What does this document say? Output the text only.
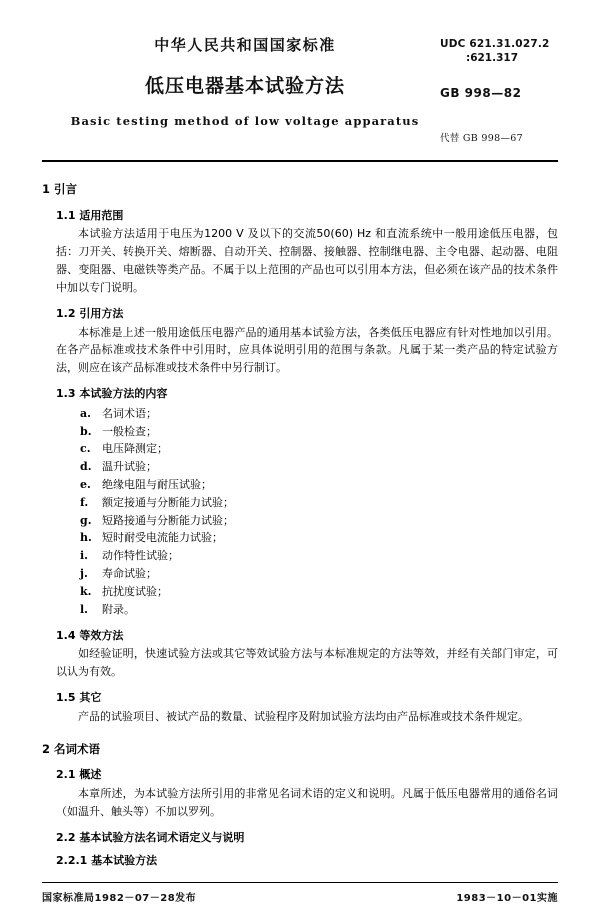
中华人民共和国国家标准
低压电器基本试验方法
Basic testing method of low voltage apparatus
UDC 621.31.027.2
:621.317
GB 998—82
代替 GB 998—67
1 引言
1.1 适用范围

本试验方法适用于电压为1200 V 及以下的交流50(60) Hz 和直流系统中一般用途低压电器，包括：刀开关、转换开关、熔断器、自动开关、控制器、接触器、控制继电器、主令电器、起动器、电阻器、变阻器、电磁铁等类产品。不属于以上范围的产品也可以引用本方法，但必须在该产品的技术条件中加以专门说明。

1.2 引用方法

本标准是上述一般用途低压电器产品的通用基本试验方法，各类低压电器应有针对性地加以引用。在各产品标准或技术条件中引用时，应具体说明引用的范围与条款。凡属于某一类产品的特定试验方法，则应在该产品标准或技术条件中另行制订。

1.3 本试验方法的内容

a. 名词术语；

b. 一般检查；

c. 电压降测定；

d. 温升试验；

e. 绝缘电阻与耐压试验；

f. 额定接通与分断能力试验；

g. 短路接通与分断能力试验；

h. 短时耐受电流能力试验；

i. 动作特性试验；

j. 寿命试验；

k. 抗扰度试验；

l. 附录。

1.4 等效方法

如经验证明，快速试验方法或其它等效试验方法与本标准规定的方法等效，并经有关部门审定，可以认为有效。

1.5 其它

产品的试验项目、被试产品的数量、试验程序及附加试验方法均由产品标准或技术条件规定。

2 名词术语
2.1 概述

本章所述，为本试验方法所引用的非常见名词术语的定义和说明。凡属于低压电器常用的通俗名词（如温升、触头等）不加以罗列。

2.2 基本试验方法名词术语定义与说明
2.2.1 基本试验方法
国家标准局1982－07－28发布	1983－10－01实施
